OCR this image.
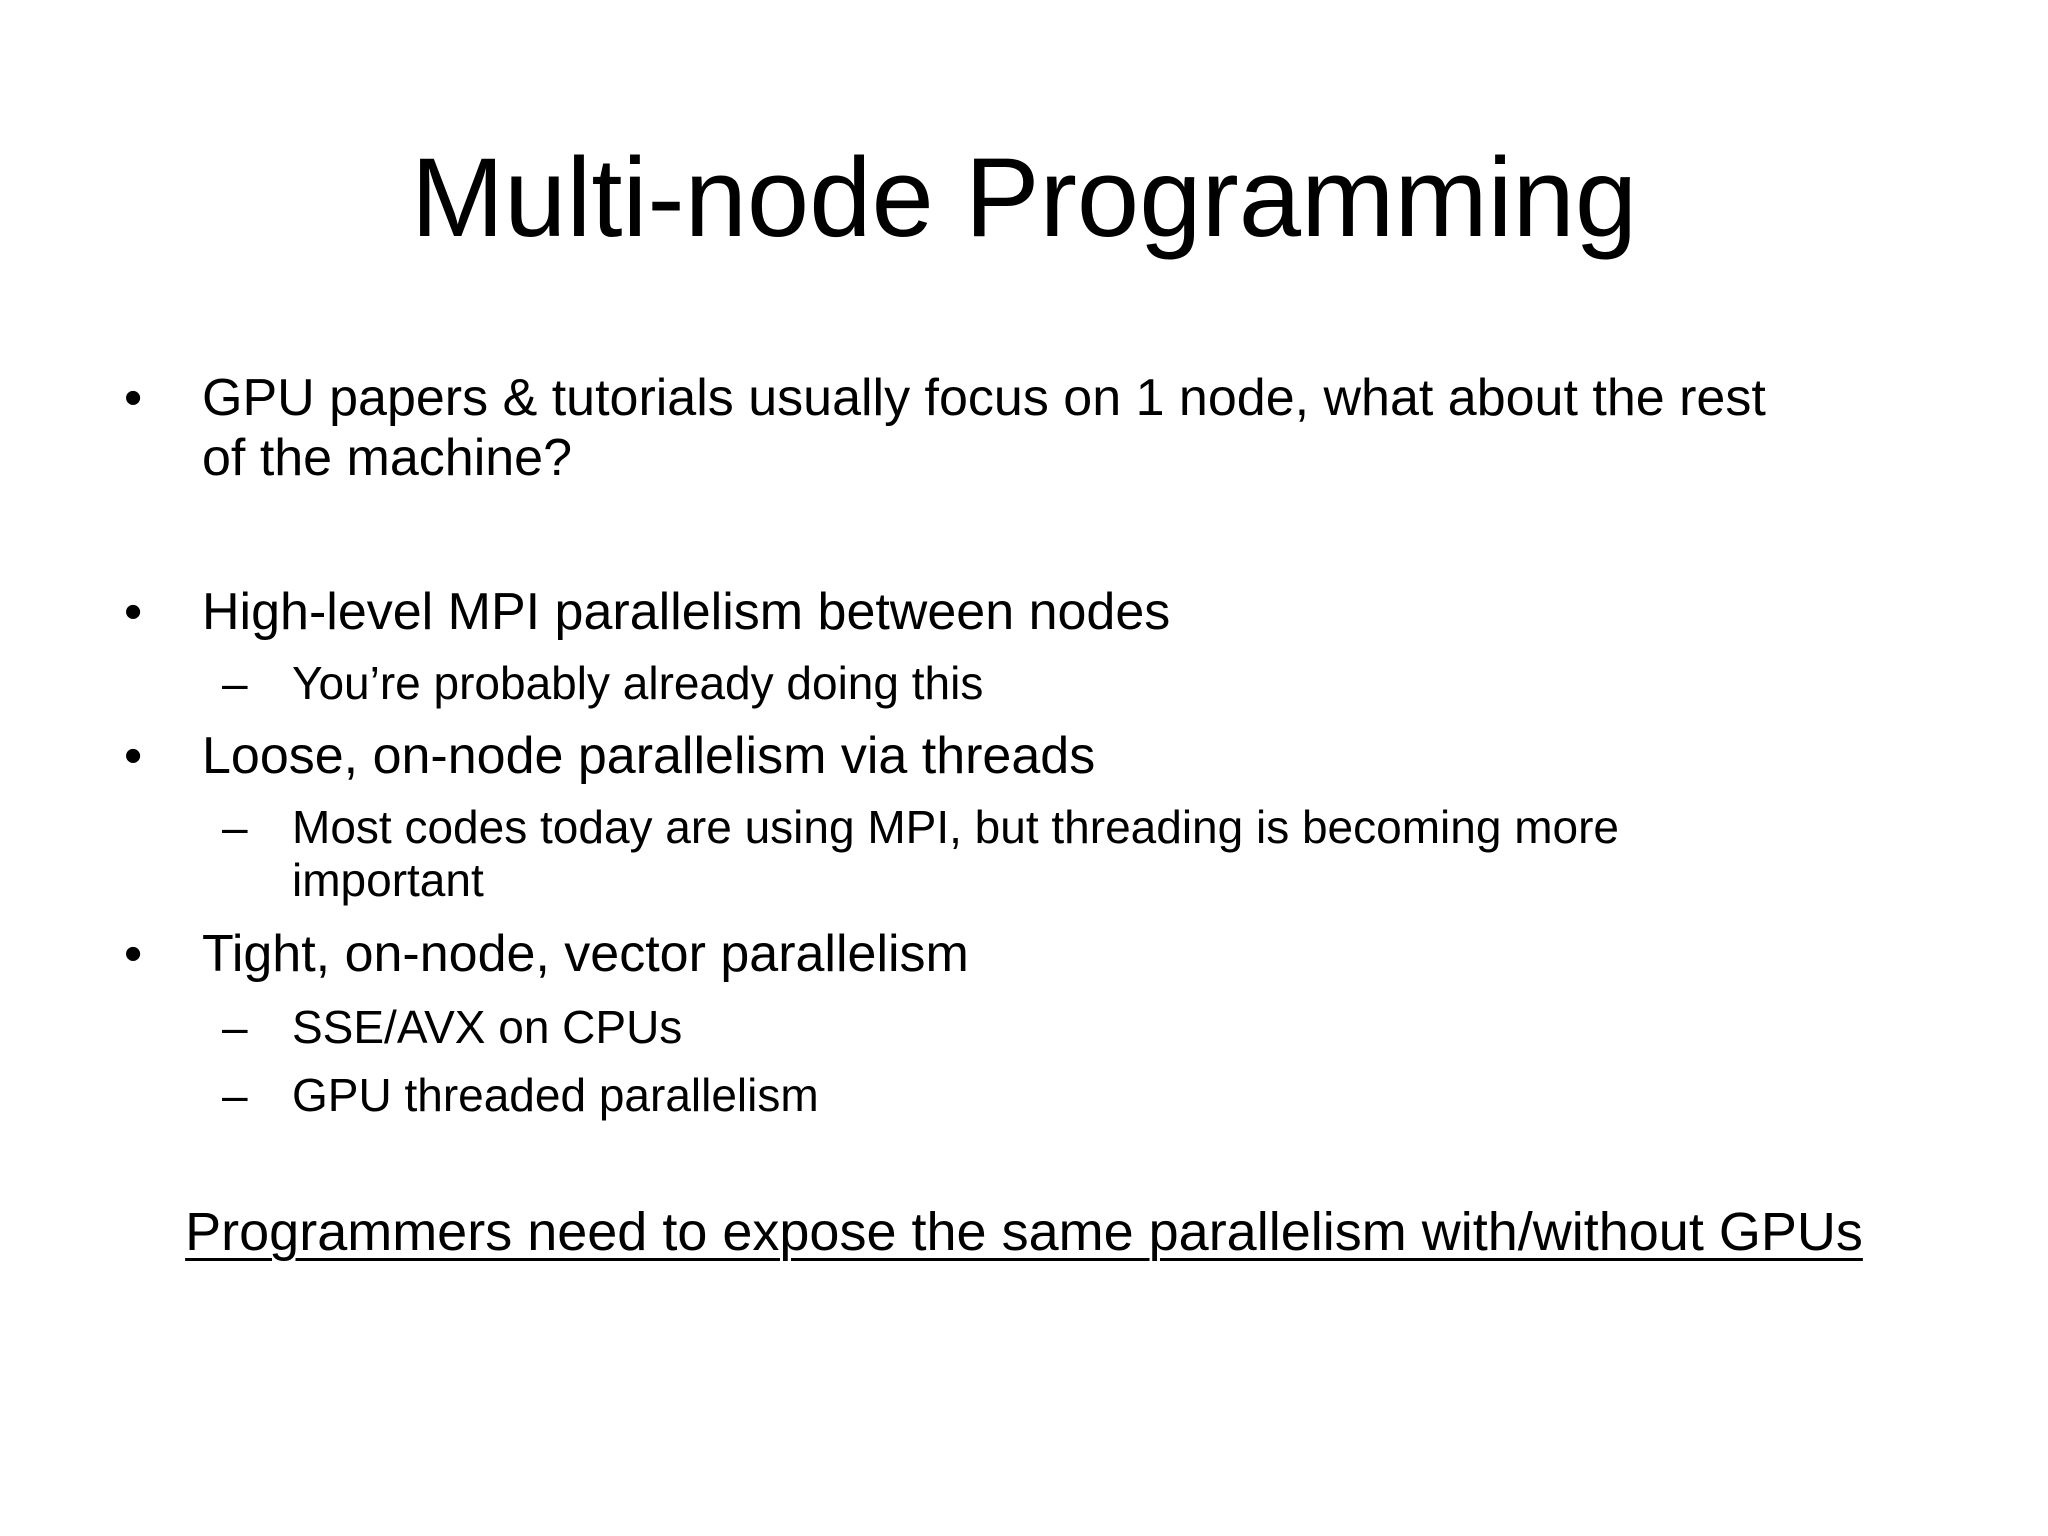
Multi-node Programming
• GPU papers & tutorials usually focus on 1 node, what about the rest
of the machine?
• High-level MPI parallelism between nodes
– You’re probably already doing this
• Loose, on-node parallelism via threads
– Most codes today are using MPI, but threading is becoming more
important
• Tight, on-node, vector parallelism
– SSE/AVX on CPUs
– GPU threaded parallelism
Programmers need to expose the same parallelism with/without GPUs
